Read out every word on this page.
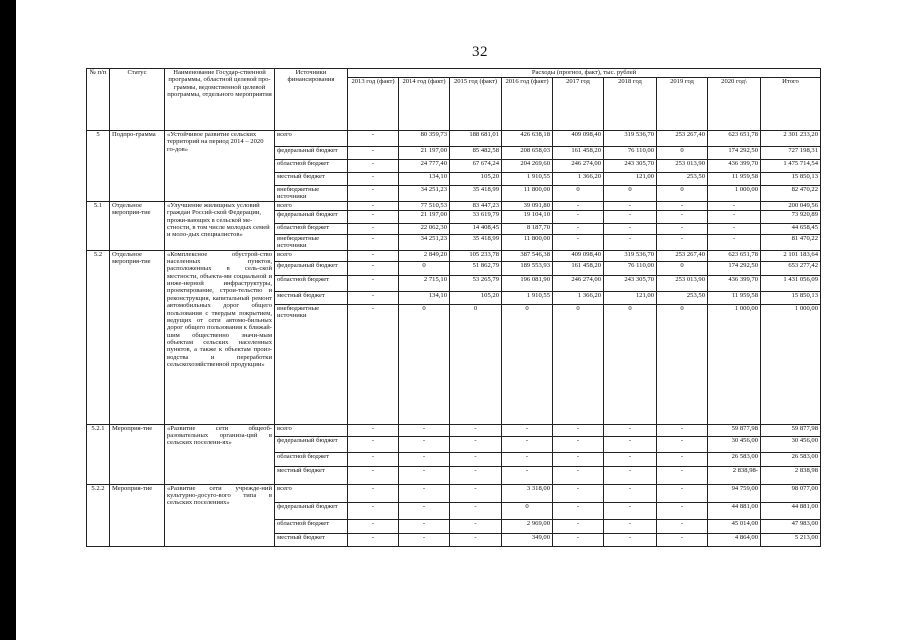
32
№ п/п	Статус	Наименование Государ-ственной программы, областной целевой про-граммы, ведомственной целевой программы, отдельного мероприятия	Источники финансирования	Расходы (прогноз, факт), тыс. рублей								
				2013 год (факт)	2014 год (факт)	2015 год (факт)	2016 год (факт)	2017 год	2018 год	2019 год	2020 год\	Итого
5	Подпро-грамма	«Устойчивое развитие сельских территорий на период 2014 – 2020 го-дов»	всего	-	80 359,73	188 681,01	426 638,18	409 098,40	319 536,70	253 267,40	623 651,78	2 301 233,20
			федеральный бюджет	-	21 197,00	85 482,58	208 658,03	161 458,20	76 110,00	0	174 292,50	727 198,31
			областной бюджет	-	24 777,40	67 674,24	204 269,60	246 274,00	243 305,70	253 013,90	436 399,70	1 475 714,54
			местный бюджет	-	134,10	105,20	1 910,55	1 366,20	121,00	253,50	11 959,58	15 850,13
			внебюджетные источники	-	34 251,23	35 418,99	11 800,00	0	0	0	1 000,00	82 470,22
5.1	Отдельное мероприя-тие	«Улучшение жилищных условий граждан Россий-ской Федерации, прожи-вающих в сельской ме-стности, в том числе молодых семей и моло-дых специалистов»	всего	-	77 510,53	83 447,23	39 091,80	-	-	-	-	200 049,56
			федеральный бюджет	-	21 197,00	33 619,79	19 104,10	-	-	-	-	73 920,89
			областной бюджет	-	22 062,30	14 408,45	8 187,70	-	-	-	-	44 658,45
			внебюджетные источники	-	34 251,23	35 418,99	11 800,00	-	-	-	-	81 470,22
5.2	Отдельное мероприя-тие	«Комплексное обустрой-ство населенных пунктов, расположенных в сель-ской местности, объекта-ми социальной и инже-нерной инфраструктуры, проектирование, строи-тельство и реконструкция, капитальный ремонт автомобильных дорог общего пользования с твердым покрытием, ведущих от сети автомо-бильных дорог общего пользования к ближай-шим общественно значи-мым объектам сельских населенных пунктов, а также к объектам произ-водства и переработки сельскохозяйственной продукции»	всего	-	2 849,20	105 233,78	387 546,38	409 098,40	319 536,70	253 267,40	623 651,78	2 101 183,64
			федеральный бюджет	-	0	51 862,79	189 553,93	161 458,20	76 110,00	0	174 292,50	653 277,42
			областной бюджет	-	2 715,10	53 265,79	196 081,90	246 274,00	243 305,70	253 013,90	436 399,70	1 431 056,09
			местный бюджет	-	134,10	105,20	1 910,55	1 366,20	121,00	253,50	11 959,58	15 850,13
			внебюджетные источники	-	0	0	0	0	0	0	1 000,00	1 000,00
5.2.1	Мероприя-тие	«Развитие сети общеоб-разовательных организа-ций в сельских поселени-ях»	всего	-	-	-	-	-	-	-	59 877,98	59 877,98
			федеральный бюджет	-	-	-	-	-	-	-	30 456,00	30 456,00
			областной бюджет	-	-	-	-	-	-	-	26 583,00	26 583,00
			местный бюджет	-	-	-	-	-	-	-	2 838,98-	2 838,98
5.2.2	Мероприя-тие	«Развитие сети учрежде-ний культурно-досуго-вого типа в сельских поселениях»	всего	-	-	-	3 318,00	-	-	-	94 759,00	98 077,00
			федеральный бюджет	-	-	-	0	-	-	-	44 881,00	44 881,00
			областной бюджет	-	-	-	2 969,00	-	-	-	45 014,00	47 983,00
			местный бюджет	-	-	-	349,00	-	-	-	4 864,00	5 213,00
